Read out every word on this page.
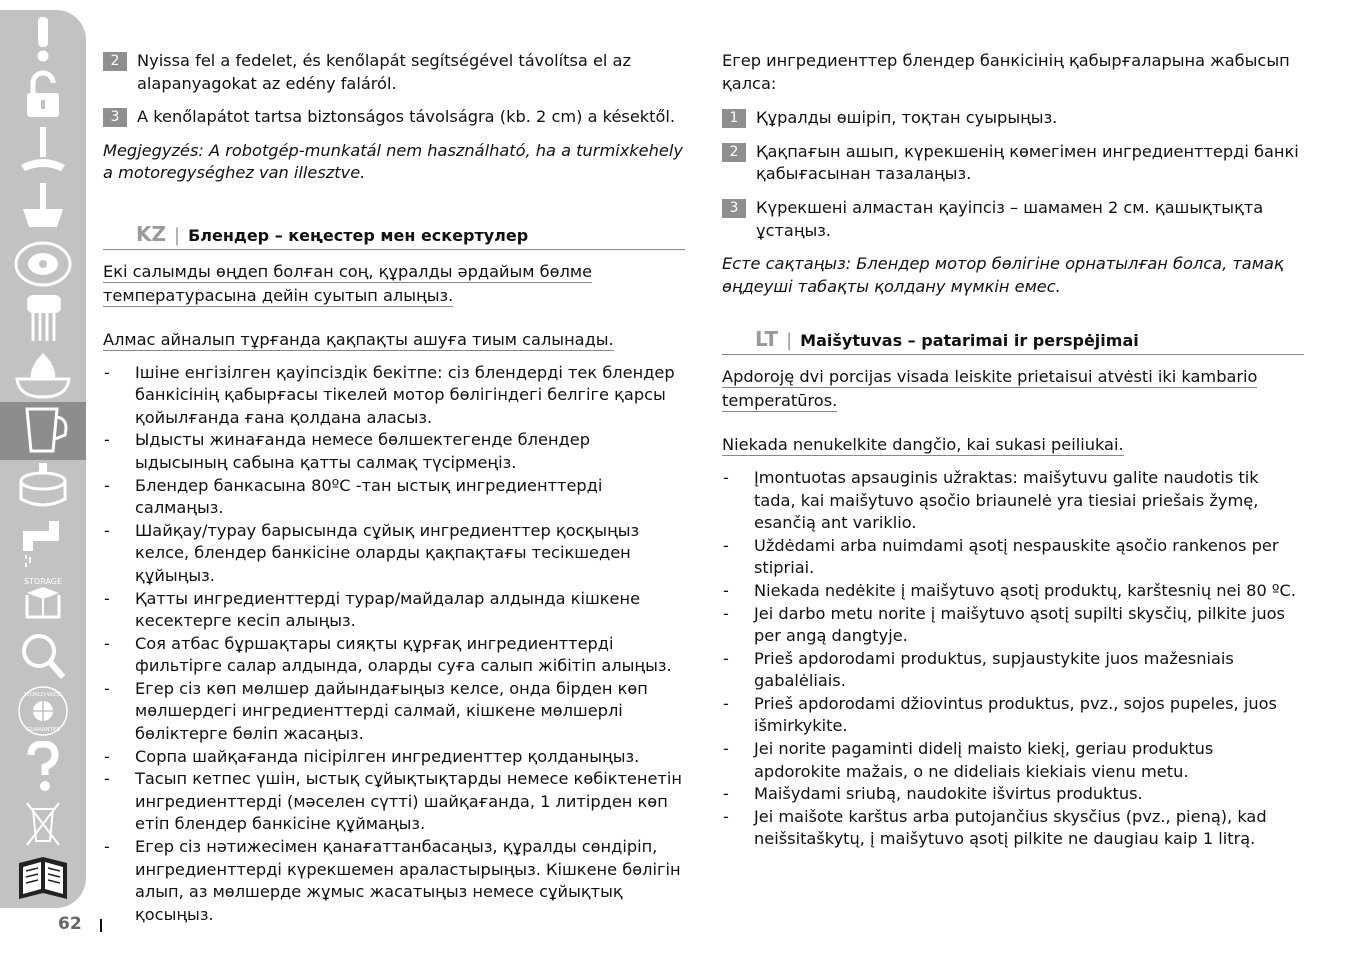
STORAGE
WORLD-WIDE
GUARANTEE
62
2	Nyissa fel a fedelet, és kenőlapát segítségével távolítsa el az alapanyagokat az edény faláról.
3	A kenőlapátot tartsa biztonságos távolságra (kb. 2 cm) a késektől.

Megjegyzés: A robotgép-munkatál nem használható, ha a turmixkehely a motoregységhez van illesztve.

KZ | Блендер – кеңестер мен ескертулер
Екі салымды өңдеп болған соң, құралды әрдайым бөлме
температурасына дейін суытып алыңыз.
Алмас айналып тұрғанда қақпақты ашуға тиым салынады.
- Ішіне енгізілген қауіпсіздік бекітпе: сіз блендерді тек блендер банкісінің қабырғасы тікелей мотор бөлігіндегі белгіге қарсы қойылғанда ғана қолдана аласыз.
- Ыдысты жинағанда немесе бөлшектегенде блендер ыдысының сабына қатты салмақ түсірмеңіз.
- Блендер банкасына 80ºC -тан ыстық ингредиенттерді салмаңыз.
- Шайқау/турау барысында сұйық ингредиенттер қосқыңыз келсе, блендер банкісіне оларды қақпақтағы тесікшеден құйыңыз.
- Қатты ингредиенттерді турар/майдалар алдында кішкене кесектерге кесіп алыңыз.
- Соя атбас бұршақтары сияқты құрғақ ингредиенттерді фильтірге салар алдында, оларды суға салып жібітіп алыңыз.
- Егер сіз көп мөлшер дайындағыңыз келсе, онда бірден көп мөлшердегі ингредиенттерді салмай, кішкене мөлшерлі бөліктерге бөліп жасаңыз.
- Сорпа шайқағанда пісірілген ингредиенттер қолданыңыз.
- Тасып кетпес үшін, ыстық сұйықтықтарды немесе көбіктенетін ингредиенттерді (мәселен сүтті) шайқағанда, 1 литірден көп етіп блендер банкісіне құймаңыз.
- Егер сіз нәтижесімен қанағаттанбасаңыз, құралды сөндіріп, ингредиенттерді күрекшемен араластырыңыз. Кішкене бөлігін алып, аз мөлшерде жұмыс жасатыңыз немесе сұйықтық қосыңыз.

Егер ингредиенттер блендер банкісінің қабырғаларына жабысып қалса:

1	Құралды өшіріп, тоқтан суырыңыз.
2	Қақпағын ашып, күрекшенің көмегімен ингредиенттерді банкі қабығасынан тазалаңыз.
3	Күрекшені алмастан қауіпсіз – шамамен 2 см. қашықтықта ұстаңыз.

Есте сақтаңыз: Блендер мотор бөлігіне орнатылған болса, тамақ өңдеуші табақты қолдану мүмкін емес.

LT | Maišytuvas – patarimai ir perspėjimai
Apdoroję dvi porcijas visada leiskite prietaisui atvėsti iki kambario
temperatūros.
Niekada nenukelkite dangčio, kai sukasi peiliukai.
- Įmontuotas apsauginis užraktas: maišytuvu galite naudotis tik tada, kai maišytuvo ąsočio briaunelė yra tiesiai priešais žymę, esančią ant variklio.
- Uždėdami arba nuimdami ąsotį nespauskite ąsočio rankenos per stipriai.
- Niekada nedėkite į maišytuvo ąsotį produktų, karštesnių nei 80 ºC.
- Jei darbo metu norite į maišytuvo ąsotį supilti skysčių, pilkite juos per angą dangtyje.
- Prieš apdorodami produktus, supjaustykite juos mažesniais gabalėliais.
- Prieš apdorodami džiovintus produktus, pvz., sojos pupeles, juos išmirkykite.
- Jei norite pagaminti didelį maisto kiekį, geriau produktus apdorokite mažais, o ne dideliais kiekiais vienu metu.
- Maišydami sriubą, naudokite išvirtus produktus.
- Jei maišote karštus arba putojančius skysčius (pvz., pieną), kad neišsitaškytų, į maišytuvo ąsotį pilkite ne daugiau kaip 1 litrą.
